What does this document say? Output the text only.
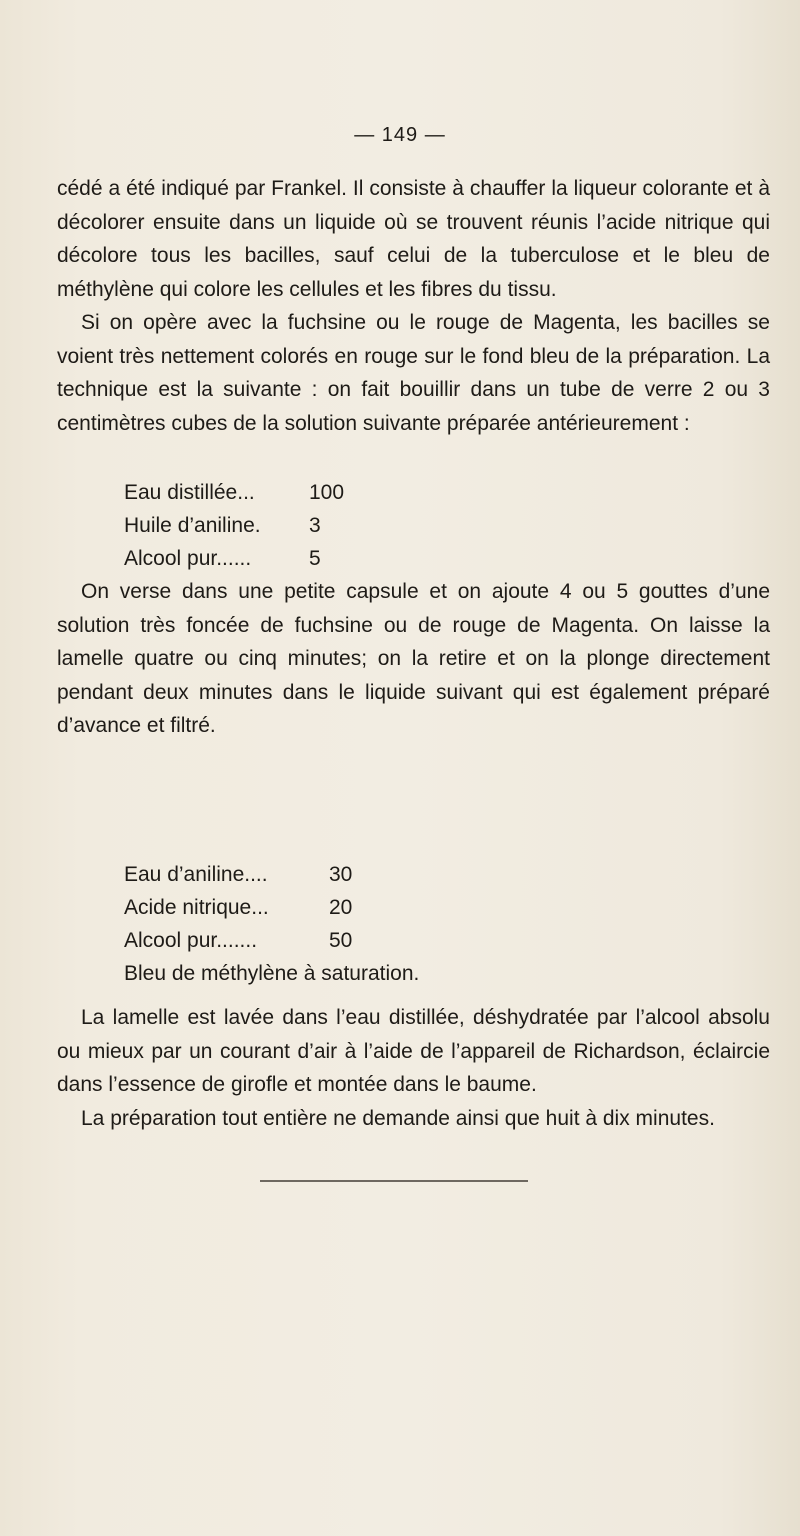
— 149 —

cédé a été indiqué par Frankel. Il consiste à chauffer la liqueur colorante et à décolorer ensuite dans un liquide où se trouvent réunis l’acide nitrique qui décolore tous les bacilles, sauf celui de la tuberculose et le bleu de méthylène qui colore les cellules et les fibres du tissu.

Si on opère avec la fuchsine ou le rouge de Magenta, les bacilles se voient très nettement colorés en rouge sur le fond bleu de la préparation. La technique est la suivante : on fait bouillir dans un tube de verre 2 ou 3 centimètres cubes de la solution suivante préparée antérieurement :

Eau distillée...	100
Huile d’aniline.	3
Alcool pur......	5

On verse dans une petite capsule et on ajoute 4 ou 5 gouttes d’une solution très foncée de fuchsine ou de rouge de Magenta. On laisse la lamelle quatre ou cinq minutes; on la retire et on la plonge directement pendant deux minutes dans le liquide suivant qui est également préparé d’avance et filtré.

Eau d’aniline....	30
Acide nitrique...	20
Alcool pur.......	50
Bleu de méthylène à saturation.

La lamelle est lavée dans l’eau distillée, déshydratée par l’alcool absolu ou mieux par un courant d’air à l’aide de l’appareil de Richardson, éclaircie dans l’essence de girofle et montée dans le baume.

La préparation tout entière ne demande ainsi que huit à dix minutes.
